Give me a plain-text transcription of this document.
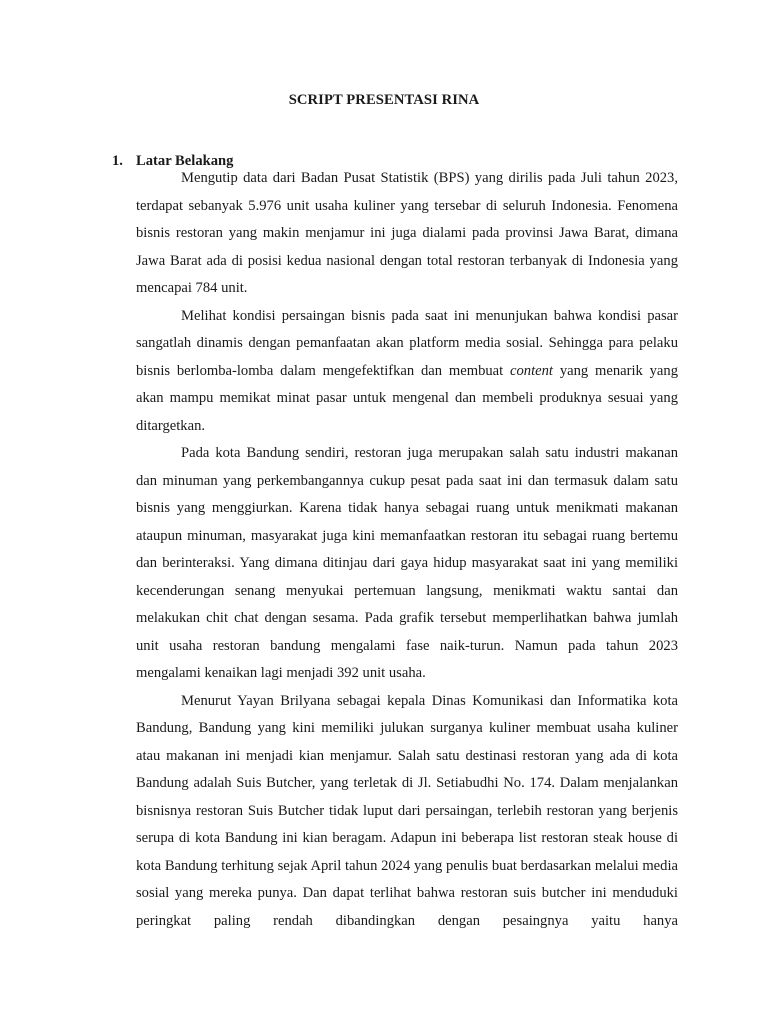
SCRIPT PRESENTASI RINA
1. Latar Belakang

Mengutip data dari Badan Pusat Statistik (BPS) yang dirilis pada Juli tahun 2023, terdapat sebanyak 5.976 unit usaha kuliner yang tersebar di seluruh Indonesia. Fenomena bisnis restoran yang makin menjamur ini juga dialami pada provinsi Jawa Barat, dimana Jawa Barat ada di posisi kedua nasional dengan total restoran terbanyak di Indonesia yang mencapai 784 unit.

Melihat kondisi persaingan bisnis pada saat ini menunjukan bahwa kondisi pasar sangatlah dinamis dengan pemanfaatan akan platform media sosial. Sehingga para pelaku bisnis berlomba-lomba dalam mengefektifkan dan membuat content yang menarik yang akan mampu memikat minat pasar untuk mengenal dan membeli produknya sesuai yang ditargetkan.

Pada kota Bandung sendiri, restoran juga merupakan salah satu industri makanan dan minuman yang perkembangannya cukup pesat pada saat ini dan termasuk dalam satu bisnis yang menggiurkan. Karena tidak hanya sebagai ruang untuk menikmati makanan ataupun minuman, masyarakat juga kini memanfaatkan restoran itu sebagai ruang bertemu dan berinteraksi. Yang dimana ditinjau dari gaya hidup masyarakat saat ini yang memiliki kecenderungan senang menyukai pertemuan langsung, menikmati waktu santai dan melakukan chit chat dengan sesama. Pada grafik tersebut memperlihatkan bahwa jumlah unit usaha restoran bandung mengalami fase naik-turun. Namun pada tahun 2023 mengalami kenaikan lagi menjadi 392 unit usaha.

Menurut Yayan Brilyana sebagai kepala Dinas Komunikasi dan Informatika kota Bandung, Bandung yang kini memiliki julukan surganya kuliner membuat usaha kuliner atau makanan ini menjadi kian menjamur. Salah satu destinasi restoran yang ada di kota Bandung adalah Suis Butcher, yang terletak di Jl. Setiabudhi No. 174. Dalam menjalankan bisnisnya restoran Suis Butcher tidak luput dari persaingan, terlebih restoran yang berjenis serupa di kota Bandung ini kian beragam. Adapun ini beberapa list restoran steak house di kota Bandung terhitung sejak April tahun 2024 yang penulis buat berdasarkan melalui media sosial yang mereka punya. Dan dapat terlihat bahwa restoran suis butcher ini menduduki peringkat paling rendah dibandingkan dengan pesaingnya yaitu hanya
